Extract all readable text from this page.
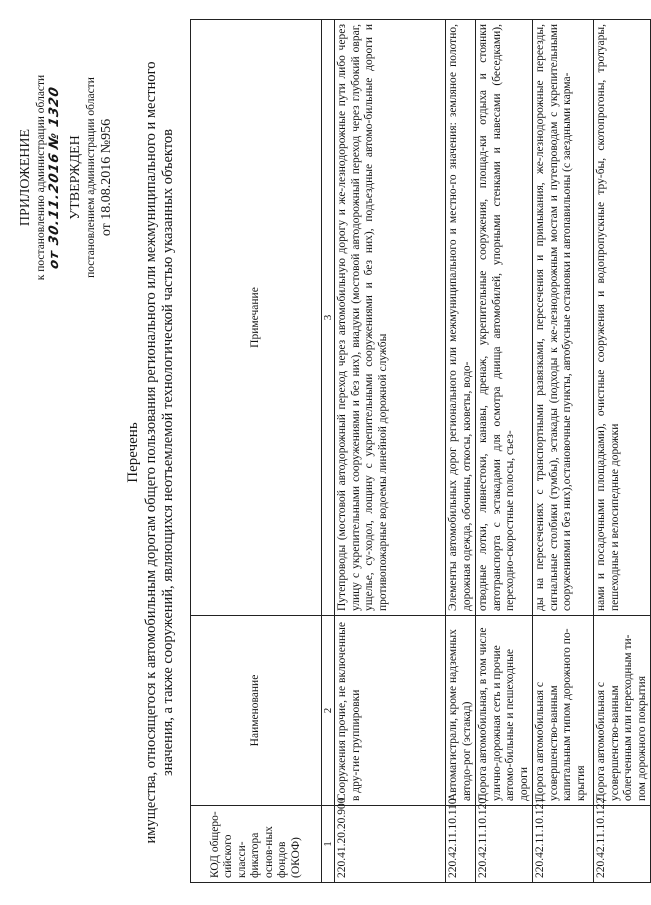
ПРИЛОЖЕНИЕ к постановлению администрации области от 30.11.2016
№ 1320
УТВЕРЖДЕН постановлением администрации области от 18.08.2016 №956
Перечень имущества, относящегося к автомобильным дорогам общего пользования регионального или межмуниципального и местного значения, а также сооружений, являющихся неотъемлемой технологической частью указанных объектов
КОД общеро-сийского класси-фикатора основ-ных фондов (ОКОФ)	Наименование	Примечание
1	2	3
220.41.20.20.900	Сооружения прочие, не включенные в дру-гие группировки	Путепроводы (мостовой автодорожный переход через автомобильную дорогу и же-лезнодорожные пути либо через улицу с укрепительными сооружениями и без них), виадуки (мостовой автодорожный переход через глубокий овраг, ущелье, су-ходол, лощину с укрепительными сооружениями и без них), подъездные автомо-бильные дороги и противопожарные водоемы линейной дорожной службы
220.42.11.10.110	Автомагистрали, кроме надземных автодо-рог (эстакад)	Элементы автомобильных дорог регионального или межмуниципального и местно-го значения: земляное полотно, дорожная одежда, обочины, откосы, кюветы, водо-
220.42.11.10.120	Дорога автомобильная, в том числе улично-дорожная сеть и прочие автомо-бильные и пешеходные дороги	отводные лотки, ливнестоки, канавы, дренаж, укрепительные сооружения, площад-ки отдыха и стоянки автотранспорта с эстакадами для осмотра днища автомобилей, упорными стенками и навесами (беседками), переходно-скоростные полосы, съез-
220.42.11.10.121	Дорога автомобильная с усовершенство-ванным капитальным типом дорожного по-крытия	ды на пересечениях с транспортными развязками, пересечения и примыкания, же-лезнодорожные переезды, сигнальные столбики (тумбы), эстакады (подходы к же-лезнодорожным мостам и путепроводам с укрепительными сооружениями и без них),остановочные пункты, автобусные остановки и автопавильоны (с заездными карма-
220.42.11.10.122	Дорога автомобильная с усовершенство-ванным облегченным или переходным ти-пом дорожного покрытия	нами и посадочными площадками), очистные сооружения и водопропускные тру-бы, скотопрогоны, тротуары, пешеходные и велосипедные дорожки
